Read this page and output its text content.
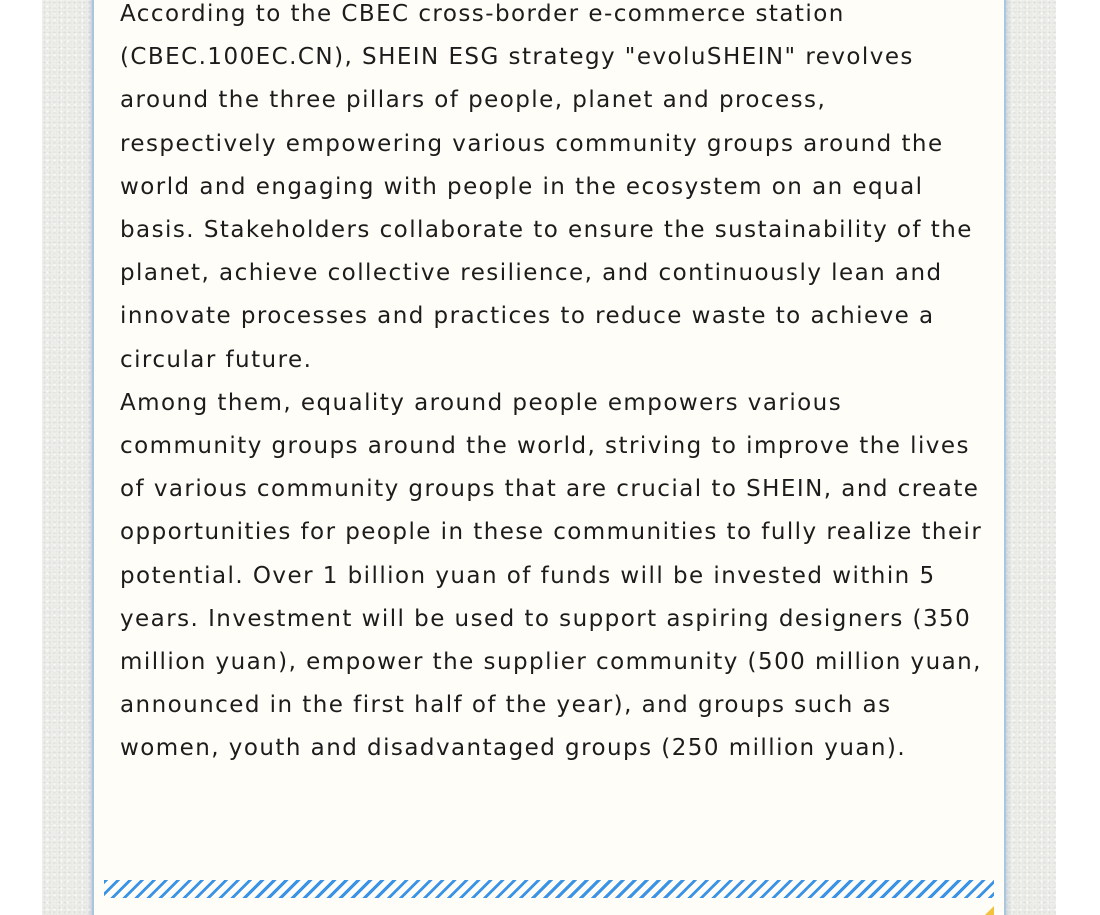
According to the CBEC cross-border e-commerce station (CBEC.100EC.CN), SHEIN ESG strategy "evoluSHEIN" revolves around the three pillars of people, planet and process, respectively empowering various community groups around the world and engaging with people in the ecosystem on an equal basis. Stakeholders collaborate to ensure the sustainability of the planet, achieve collective resilience, and continuously lean and innovate processes and practices to reduce waste to achieve a circular future.

Among them, equality around people empowers various community groups around the world, striving to improve the lives of various community groups that are crucial to SHEIN, and create opportunities for people in these communities to fully realize their potential. Over 1 billion yuan of funds will be invested within 5 years. Investment will be used to support aspiring designers (350 million yuan), empower the supplier community (500 million yuan, announced in the first half of the year), and groups such as women, youth and disadvantaged groups (250 million yuan).
